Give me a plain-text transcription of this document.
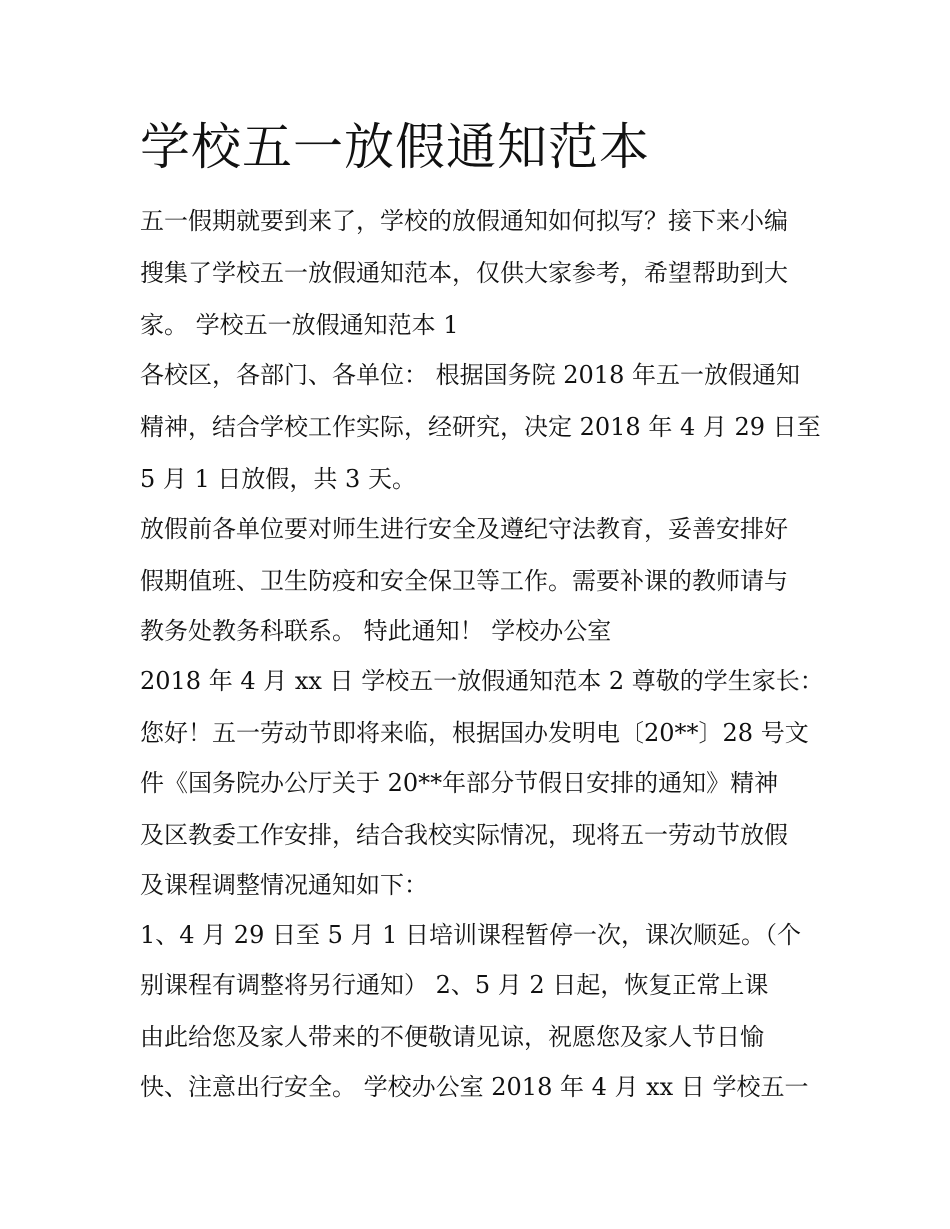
学校五一放假通知范本

五一假期就要到来了，学校的放假通知如何拟写？接下来小编

搜集了学校五一放假通知范本，仅供大家参考，希望帮助到大

家。 学校五一放假通知范本 1

各校区，各部门、各单位： 根据国务院 2018 年五一放假通知

精神，结合学校工作实际，经研究，决定 2018 年 4 月 29 日至

5 月 1 日放假，共 3 天。

放假前各单位要对师生进行安全及遵纪守法教育，妥善安排好

假期值班、卫生防疫和安全保卫等工作。需要补课的教师请与

教务处教务科联系。 特此通知！ 学校办公室

2018 年 4 月 xx 日 学校五一放假通知范本 2 尊敬的学生家长：

您好！五一劳动节即将来临，根据国办发明电〔20**〕28 号文

件《国务院办公厅关于 20**年部分节假日安排的通知》精神

及区教委工作安排，结合我校实际情况，现将五一劳动节放假

及课程调整情况通知如下：

1、4 月 29 日至 5 月 1 日培训课程暂停一次，课次顺延。（个

别课程有调整将另行通知） 2、5 月 2 日起，恢复正常上课

由此给您及家人带来的不便敬请见谅，祝愿您及家人节日愉

快、注意出行安全。 学校办公室 2018 年 4 月 xx 日 学校五一
